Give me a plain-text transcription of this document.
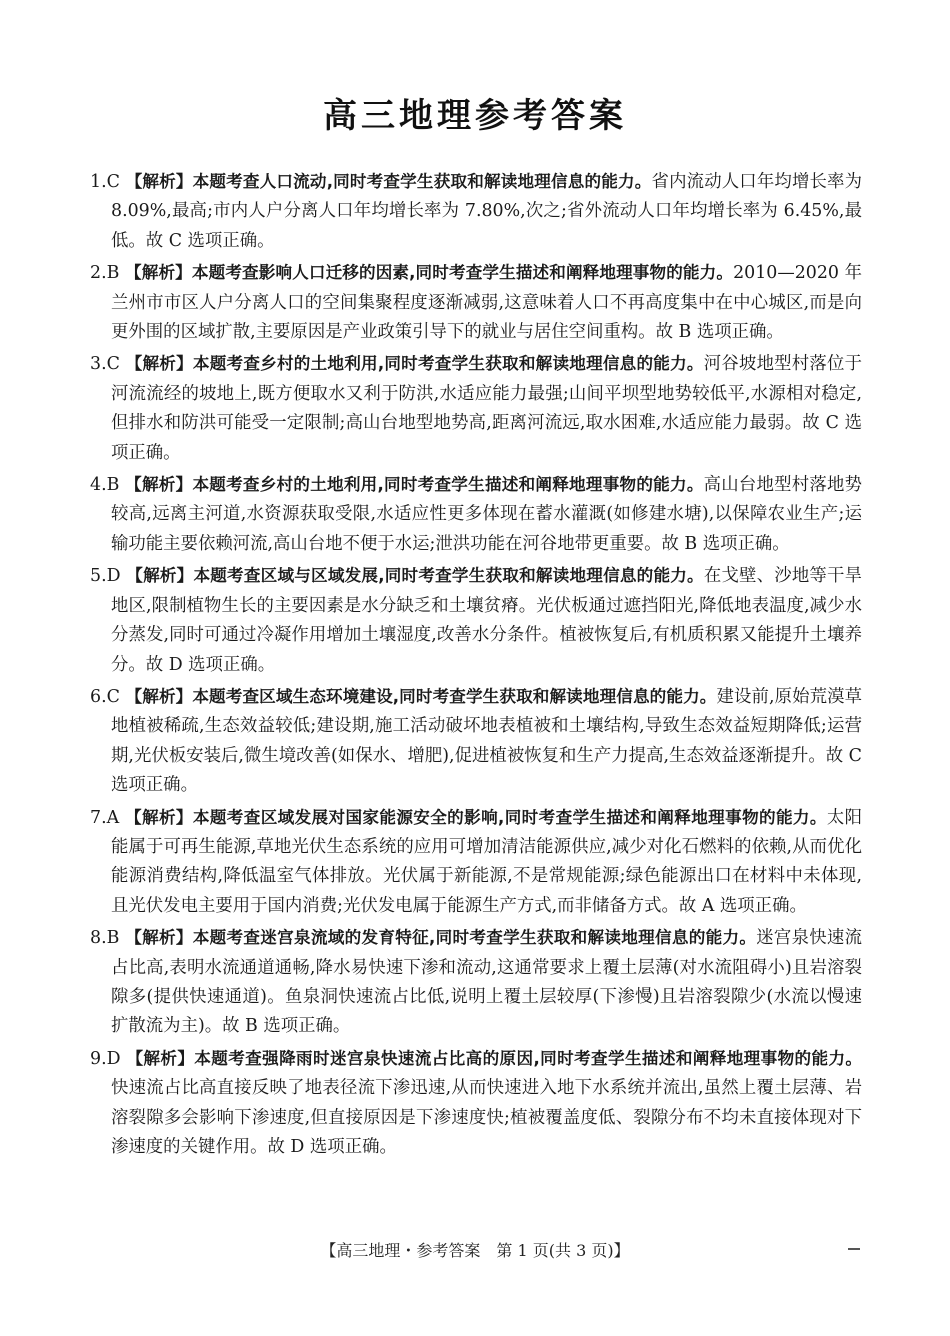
高三地理参考答案

1.C 【解析】本题考查人口流动,同时考查学生获取和解读地理信息的能力。省内流动人口年均增长率为 8.09%,最高;市内人户分离人口年均增长率为 7.80%,次之;省外流动人口年均增长率为 6.45%,最低。故 C 选项正确。

2.B 【解析】本题考查影响人口迁移的因素,同时考查学生描述和阐释地理事物的能力。2010—2020 年兰州市市区人户分离人口的空间集聚程度逐渐减弱,这意味着人口不再高度集中在中心城区,而是向更外围的区域扩散,主要原因是产业政策引导下的就业与居住空间重构。故 B 选项正确。

3.C 【解析】本题考查乡村的土地利用,同时考查学生获取和解读地理信息的能力。河谷坡地型村落位于河流流经的坡地上,既方便取水又利于防洪,水适应能力最强;山间平坝型地势较低平,水源相对稳定,但排水和防洪可能受一定限制;高山台地型地势高,距离河流远,取水困难,水适应能力最弱。故 C 选项正确。

4.B 【解析】本题考查乡村的土地利用,同时考查学生描述和阐释地理事物的能力。高山台地型村落地势较高,远离主河道,水资源获取受限,水适应性更多体现在蓄水灌溉(如修建水塘),以保障农业生产;运输功能主要依赖河流,高山台地不便于水运;泄洪功能在河谷地带更重要。故 B 选项正确。

5.D 【解析】本题考查区域与区域发展,同时考查学生获取和解读地理信息的能力。在戈壁、沙地等干旱地区,限制植物生长的主要因素是水分缺乏和土壤贫瘠。光伏板通过遮挡阳光,降低地表温度,减少水分蒸发,同时可通过冷凝作用增加土壤湿度,改善水分条件。植被恢复后,有机质积累又能提升土壤养分。故 D 选项正确。

6.C 【解析】本题考查区域生态环境建设,同时考查学生获取和解读地理信息的能力。建设前,原始荒漠草地植被稀疏,生态效益较低;建设期,施工活动破坏地表植被和土壤结构,导致生态效益短期降低;运营期,光伏板安装后,微生境改善(如保水、增肥),促进植被恢复和生产力提高,生态效益逐渐提升。故 C 选项正确。

7.A 【解析】本题考查区域发展对国家能源安全的影响,同时考查学生描述和阐释地理事物的能力。太阳能属于可再生能源,草地光伏生态系统的应用可增加清洁能源供应,减少对化石燃料的依赖,从而优化能源消费结构,降低温室气体排放。光伏属于新能源,不是常规能源;绿色能源出口在材料中未体现,且光伏发电主要用于国内消费;光伏发电属于能源生产方式,而非储备方式。故 A 选项正确。

8.B 【解析】本题考查迷宫泉流域的发育特征,同时考查学生获取和解读地理信息的能力。迷宫泉快速流占比高,表明水流通道通畅,降水易快速下渗和流动,这通常要求上覆土层薄(对水流阻碍小)且岩溶裂隙多(提供快速通道)。鱼泉洞快速流占比低,说明上覆土层较厚(下渗慢)且岩溶裂隙少(水流以慢速扩散流为主)。故 B 选项正确。

9.D 【解析】本题考查强降雨时迷宫泉快速流占比高的原因,同时考查学生描述和阐释地理事物的能力。快速流占比高直接反映了地表径流下渗迅速,从而快速进入地下水系统并流出,虽然上覆土层薄、岩溶裂隙多会影响下渗速度,但直接原因是下渗速度快;植被覆盖度低、裂隙分布不均未直接体现对下渗速度的关键作用。故 D 选项正确。

【高三地理・参考答案　第 1 页(共 3 页)】
